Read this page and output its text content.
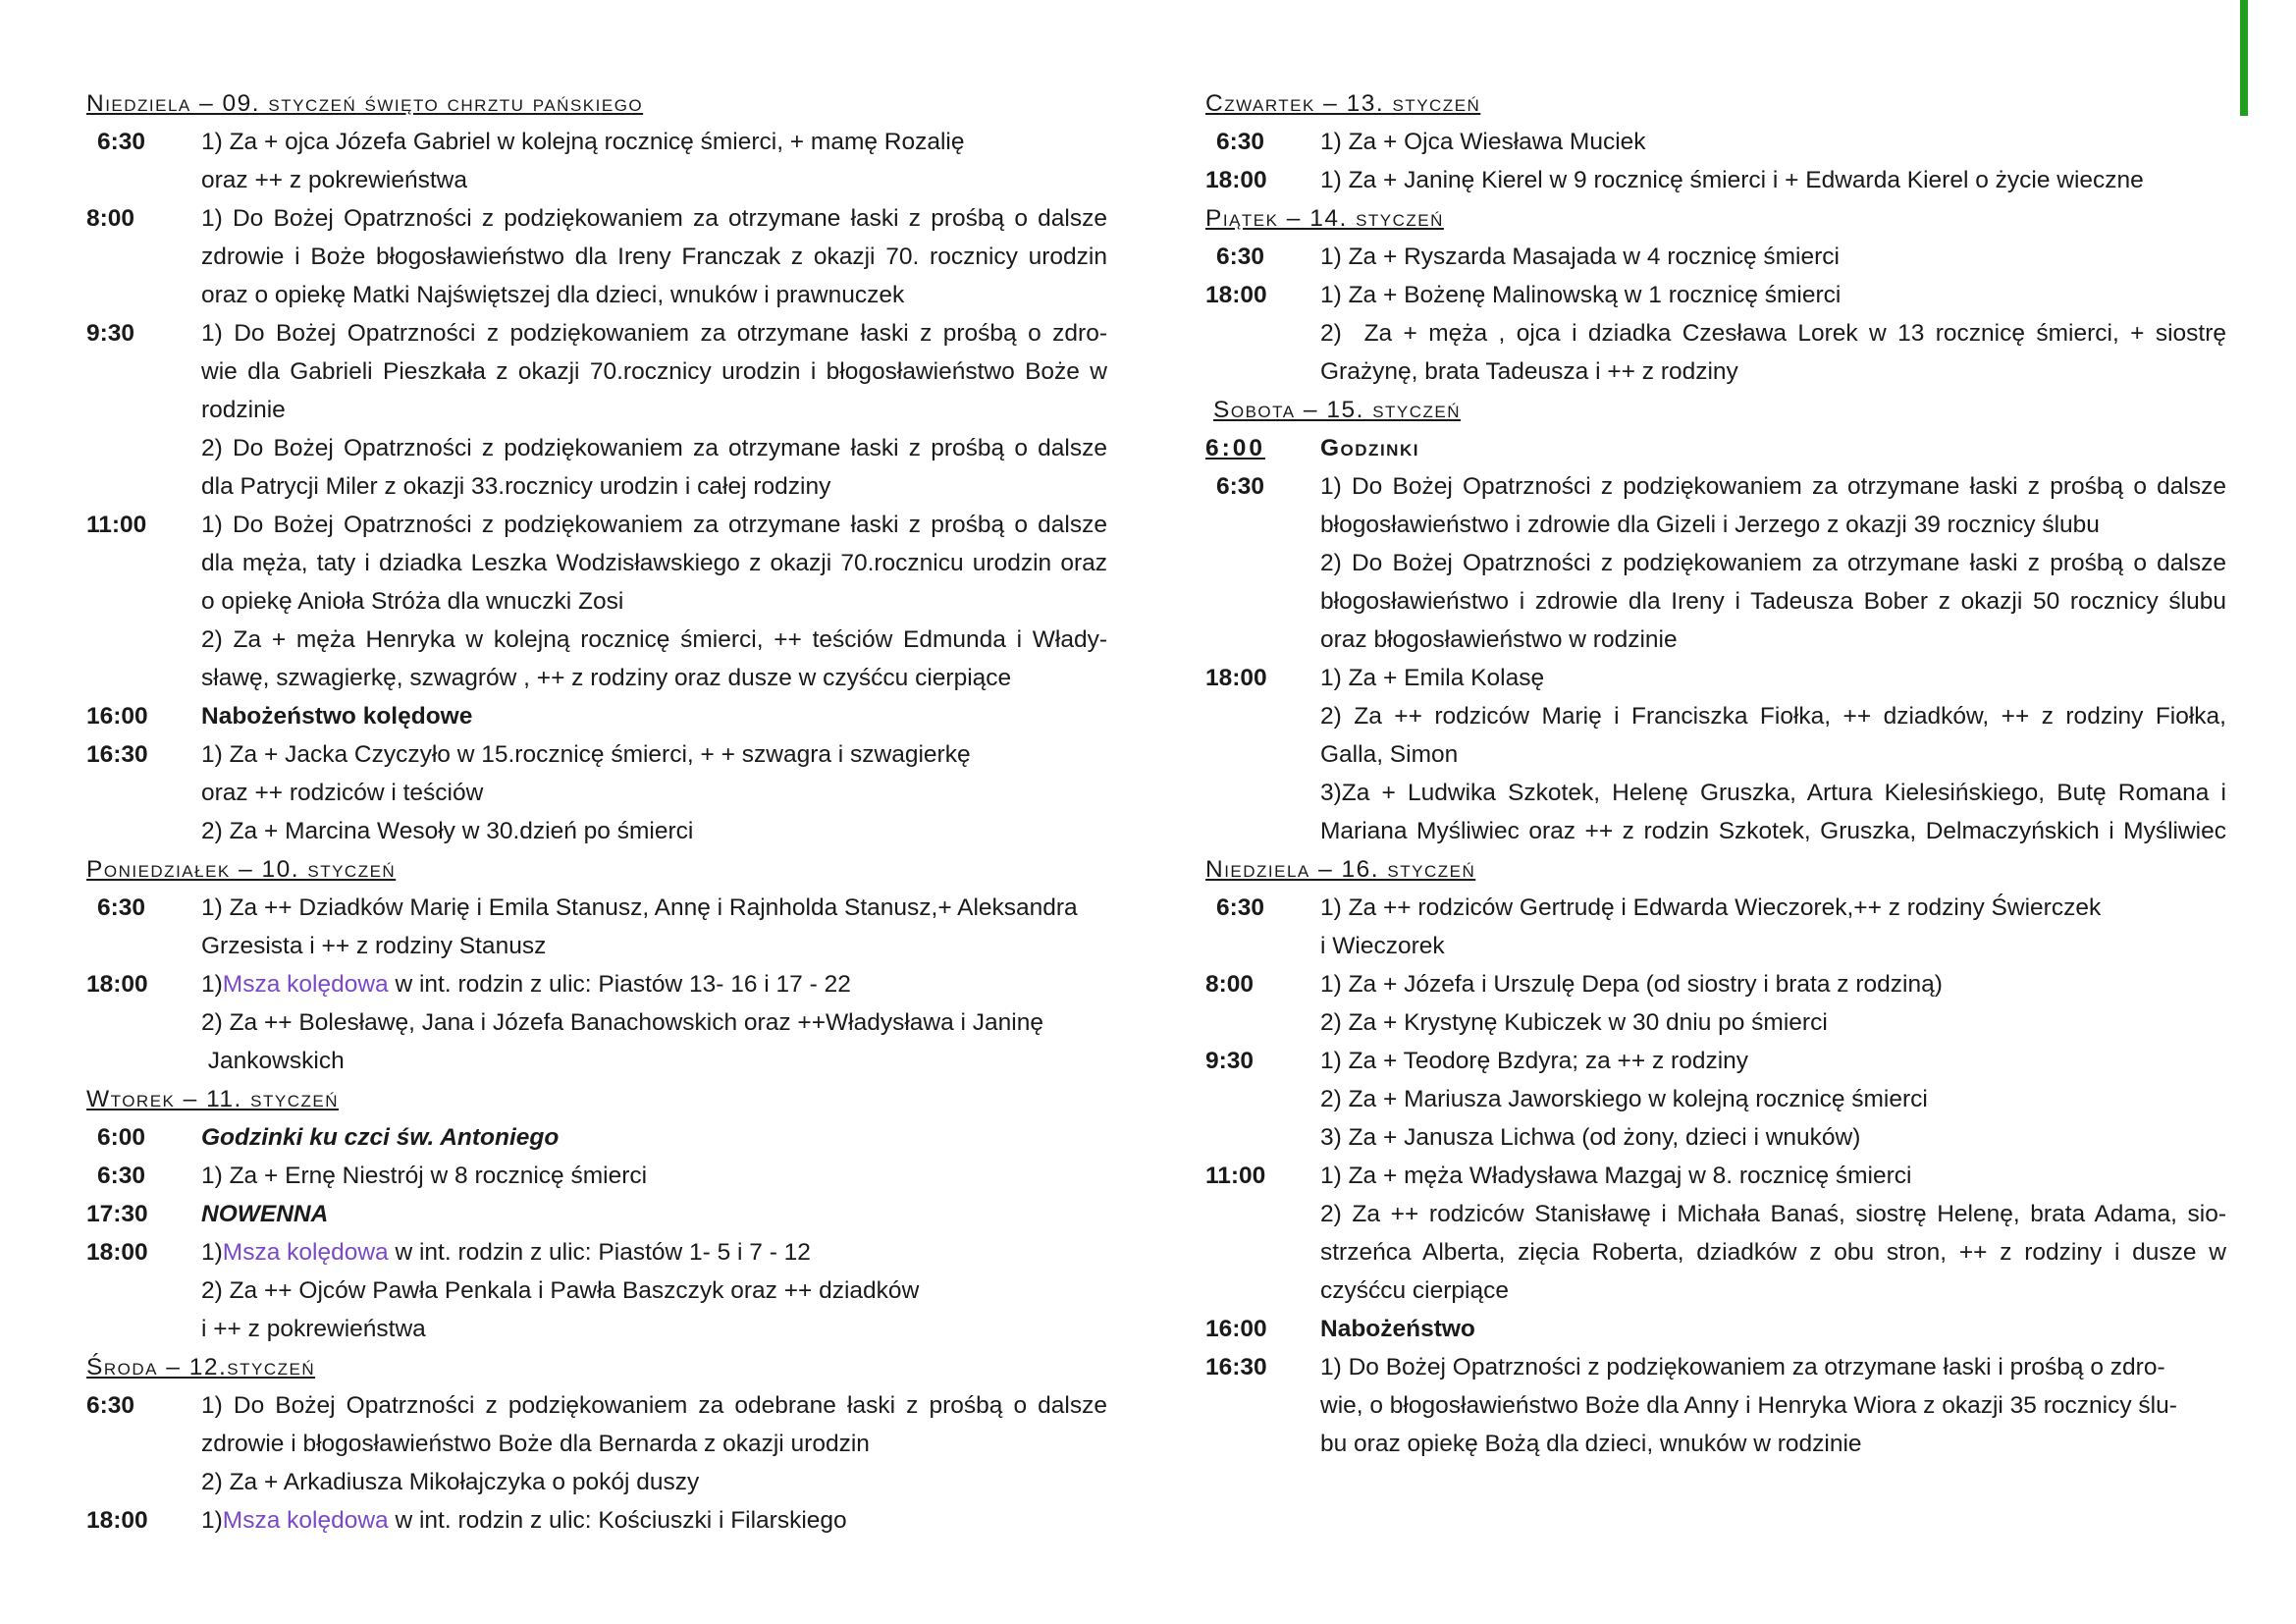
Niedziela – 09. styczeń święto chrztu pańskiego
6:30 1) Za + ojca Józefa Gabriel w kolejną rocznicę śmierci, + mamę Rozalię
oraz ++ z pokrewieństwa
8:00	1) Do Bożej Opatrzności z podziękowaniem za otrzymane łaski z prośbą o dalsze
zdrowie i Boże błogosławieństwo dla Ireny Franczak z okazji 70. rocznicy urodzin
oraz o opiekę Matki Najświętszej dla dzieci, wnuków i prawnuczek
9:30	1) Do Bożej Opatrzności z podziękowaniem za otrzymane łaski z prośbą o zdro-
wie dla Gabrieli Pieszkała z okazji 70.rocznicy urodzin i błogosławieństwo Boże w
rodzinie
2) Do Bożej Opatrzności z podziękowaniem za otrzymane łaski z prośbą o dalsze
dla Patrycji Miler z okazji 33.rocznicy urodzin i całej rodziny
11:00 1) Do Bożej Opatrzności z podziękowaniem za otrzymane łaski z prośbą o dalsze
dla męża, taty i dziadka Leszka Wodzisławskiego z okazji 70.rocznicu urodzin oraz
o opiekę Anioła Stróża dla wnuczki Zosi
2) Za + męża Henryka w kolejną rocznicę śmierci, ++ teściów Edmunda i Włady-
sławę, szwagierkę, szwagrów , ++ z rodziny oraz dusze w czyśćcu cierpiące
16:00 Nabożeństwo kolędowe
16:30 1) Za + Jacka Czyczyło w 15.rocznicę śmierci, + + szwagra i szwagierkę
oraz ++ rodziców i teściów
2) Za + Marcina Wesoły w 30.dzień po śmierci
Poniedziałek – 10. styczeń
6:30 1) Za ++ Dziadków Marię i Emila Stanusz, Annę i Rajnholda Stanusz,+ Aleksandra
Grzesista i ++ z rodziny Stanusz
18:00 1)Msza kolędowa w int. rodzin z ulic: Piastów 13- 16 i 17 - 22
2) Za ++ Bolesławę, Jana i Józefa Banachowskich oraz ++Władysława i Janinę
Jankowskich
Wtorek – 11. styczeń
6:00 Godzinki ku czci św. Antoniego
6:30 1) Za + Ernę Niestrój w 8 rocznicę śmierci
17:30 NOWENNA
18:00 1)Msza kolędowa w int. rodzin z ulic: Piastów 1- 5 i 7 - 12
2) Za ++ Ojców Pawła Penkala i Pawła Baszczyk oraz ++ dziadków
i ++ z pokrewieństwa
Środa – 12.styczeń
6:30	1) Do Bożej Opatrzności z podziękowaniem za odebrane łaski z prośbą o dalsze
zdrowie i błogosławieństwo Boże dla Bernarda z okazji urodzin
2) Za + Arkadiusza Mikołajczyka o pokój duszy
18:00 1)Msza kolędowa w int. rodzin z ulic: Kościuszki i Filarskiego
Czwartek – 13. styczeń
6:30 1) Za + Ojca Wiesława Muciek
18:00 1) Za + Janinę Kierel w 9 rocznicę śmierci i + Edwarda Kierel o życie wieczne
Piątek – 14. styczeń
6:30 1) Za + Ryszarda Masajada w 4 rocznicę śmierci
18:00 1) Za + Bożenę Malinowską w 1 rocznicę śmierci
2)  Za + męża , ojca i dziadka Czesława Lorek w 13 rocznicę śmierci, + siostrę
Grażynę, brata Tadeusza i ++ z rodziny
Sobota – 15. styczeń
6:00 Godzinki
6:30 1) Do Bożej Opatrzności z podziękowaniem za otrzymane łaski z prośbą o dalsze
błogosławieństwo i zdrowie dla Gizeli i Jerzego z okazji 39 rocznicy ślubu
2) Do Bożej Opatrzności z podziękowaniem za otrzymane łaski z prośbą o dalsze
błogosławieństwo i zdrowie dla Ireny i Tadeusza Bober z okazji 50 rocznicy ślubu
oraz błogosławieństwo w rodzinie
18:00 1) Za + Emila Kolasę
2) Za ++ rodziców Marię i Franciszka Fiołka, ++ dziadków, ++ z rodziny Fiołka,
Galla, Simon
3)Za + Ludwika Szkotek, Helenę Gruszka, Artura Kielesińskiego, Butę Romana i
Mariana Myśliwiec oraz ++ z rodzin Szkotek, Gruszka, Delmaczyńskich i Myśliwiec
Niedziela – 16. styczeń
6:30 1) Za ++ rodziców Gertrudę i Edwarda Wieczorek,++ z rodziny Świerczek
i Wieczorek
8:00	1) Za + Józefa i Urszulę Depa (od siostry i brata z rodziną)
2) Za + Krystynę Kubiczek w 30 dniu po śmierci
9:30	1) Za + Teodorę Bzdyra; za ++ z rodziny
2) Za + Mariusza Jaworskiego w kolejną rocznicę śmierci
3) Za + Janusza Lichwa (od żony, dzieci i wnuków)
11:00 1) Za + męża Władysława Mazgaj w 8. rocznicę śmierci
2) Za ++ rodziców Stanisławę i Michała Banaś, siostrę Helenę, brata Adama, sio-
strzeńca Alberta, zięcia Roberta, dziadków z obu stron, ++ z rodziny i dusze w
czyśćcu cierpiące
16:00 Nabożeństwo
16:30 1) Do Bożej Opatrzności z podziękowaniem za otrzymane łaski i prośbą o zdro-
wie, o błogosławieństwo Boże dla Anny i Henryka Wiora z okazji 35 rocznicy ślu-
bu oraz opiekę Bożą dla dzieci, wnuków w rodzinie
